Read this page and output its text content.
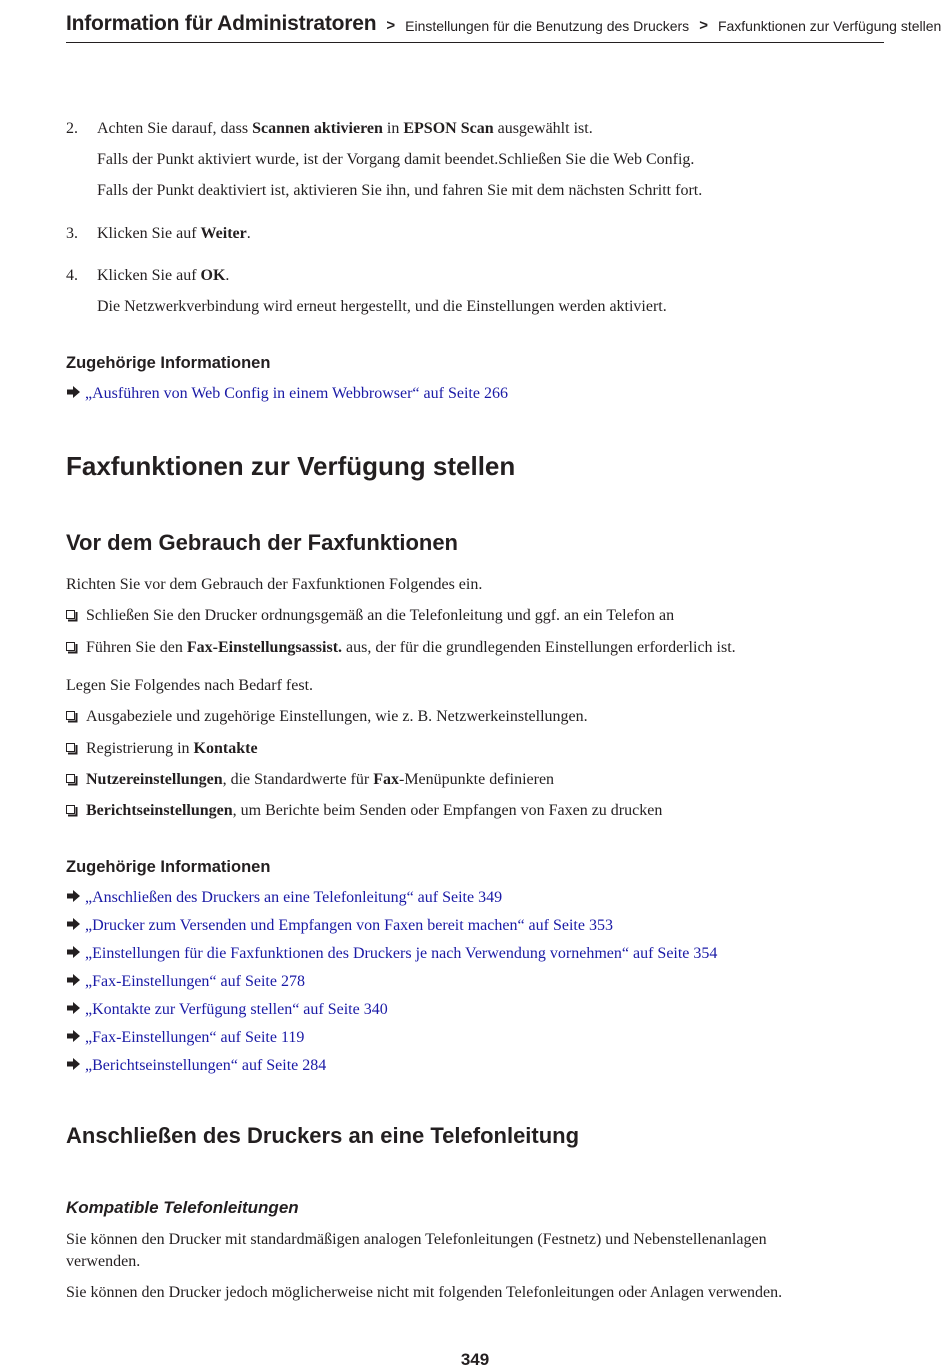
Information für Administratoren > Einstellungen für die Benutzung des Druckers > Faxfunktionen zur Verfügung stellen
2. Achten Sie darauf, dass Scannen aktivieren in EPSON Scan ausgewählt ist.
Falls der Punkt aktiviert wurde, ist der Vorgang damit beendet.Schließen Sie die Web Config.
Falls der Punkt deaktiviert ist, aktivieren Sie ihn, und fahren Sie mit dem nächsten Schritt fort.
3. Klicken Sie auf Weiter.
4. Klicken Sie auf OK.
Die Netzwerkverbindung wird erneut hergestellt, und die Einstellungen werden aktiviert.
Zugehörige Informationen
„Ausführen von Web Config in einem Webbrowser“ auf Seite 266
Faxfunktionen zur Verfügung stellen
Vor dem Gebrauch der Faxfunktionen
Richten Sie vor dem Gebrauch der Faxfunktionen Folgendes ein.
Schließen Sie den Drucker ordnungsgemäß an die Telefonleitung und ggf. an ein Telefon an
Führen Sie den Fax-Einstellungsassist. aus, der für die grundlegenden Einstellungen erforderlich ist.
Legen Sie Folgendes nach Bedarf fest.
Ausgabeziele und zugehörige Einstellungen, wie z. B. Netzwerkeinstellungen.
Registrierung in Kontakte
Nutzereinstellungen, die Standardwerte für Fax-Menüpunkte definieren
Berichtseinstellungen, um Berichte beim Senden oder Empfangen von Faxen zu drucken
Zugehörige Informationen
„Anschließen des Druckers an eine Telefonleitung“ auf Seite 349
„Drucker zum Versenden und Empfangen von Faxen bereit machen“ auf Seite 353
„Einstellungen für die Faxfunktionen des Druckers je nach Verwendung vornehmen“ auf Seite 354
„Fax-Einstellungen“ auf Seite 278
„Kontakte zur Verfügung stellen“ auf Seite 340
„Fax-Einstellungen“ auf Seite 119
„Berichtseinstellungen“ auf Seite 284
Anschließen des Druckers an eine Telefonleitung
Kompatible Telefonleitungen
Sie können den Drucker mit standardmäßigen analogen Telefonleitungen (Festnetz) und Nebenstellenanlagen
verwenden.
Sie können den Drucker jedoch möglicherweise nicht mit folgenden Telefonleitungen oder Anlagen verwenden.
349
